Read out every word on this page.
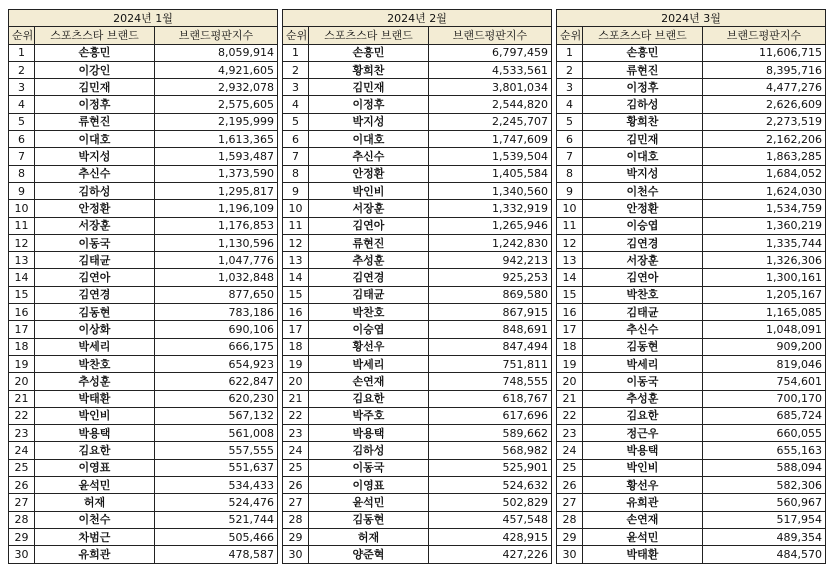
2024년 1월		
순위	스포츠스타 브랜드	브랜드평판지수
1	손흥민	8,059,914
2	이강인	4,921,605
3	김민재	2,932,078
4	이정후	2,575,605
5	류현진	2,195,999
6	이대호	1,613,365
7	박지성	1,593,487
8	추신수	1,373,590
9	김하성	1,295,817
10	안정환	1,196,109
11	서장훈	1,176,853
12	이동국	1,130,596
13	김태균	1,047,776
14	김연아	1,032,848
15	김연경	877,650
16	김동현	783,186
17	이상화	690,106
18	박세리	666,175
19	박찬호	654,923
20	추성훈	622,847
21	박태환	620,230
22	박인비	567,132
23	박용택	561,008
24	김요한	557,555
25	이영표	551,637
26	윤석민	534,433
27	허재	524,476
28	이천수	521,744
29	차범근	505,466
30	유희관	478,587
2024년 2월		
순위	스포츠스타 브랜드	브랜드평판지수
1	손흥민	6,797,459
2	황희찬	4,533,561
3	김민재	3,801,034
4	이정후	2,544,820
5	박지성	2,245,707
6	이대호	1,747,609
7	추신수	1,539,504
8	안정환	1,405,584
9	박인비	1,340,560
10	서장훈	1,332,919
11	김연아	1,265,946
12	류현진	1,242,830
13	추성훈	942,213
14	김연경	925,253
15	김태균	869,580
16	박찬호	867,915
17	이승엽	848,691
18	황선우	847,494
19	박세리	751,811
20	손연재	748,555
21	김요한	618,767
22	박주호	617,696
23	박용택	589,662
24	김하성	568,982
25	이동국	525,901
26	이영표	524,632
27	윤석민	502,829
28	김동현	457,548
29	허재	428,915
30	양준혁	427,226
2024년 3월		
순위	스포츠스타 브랜드	브랜드평판지수
1	손흥민	11,606,715
2	류현진	8,395,716
3	이정후	4,477,276
4	김하성	2,626,609
5	황희찬	2,273,519
6	김민재	2,162,206
7	이대호	1,863,285
8	박지성	1,684,052
9	이천수	1,624,030
10	안정환	1,534,759
11	이승엽	1,360,219
12	김연경	1,335,744
13	서장훈	1,326,306
14	김연아	1,300,161
15	박찬호	1,205,167
16	김태균	1,165,085
17	추신수	1,048,091
18	김동현	909,200
19	박세리	819,046
20	이동국	754,601
21	추성훈	700,170
22	김요한	685,724
23	정근우	660,055
24	박용택	655,163
25	박인비	588,094
26	황선우	582,306
27	유희관	560,967
28	손연재	517,954
29	윤석민	489,354
30	박태환	484,570
